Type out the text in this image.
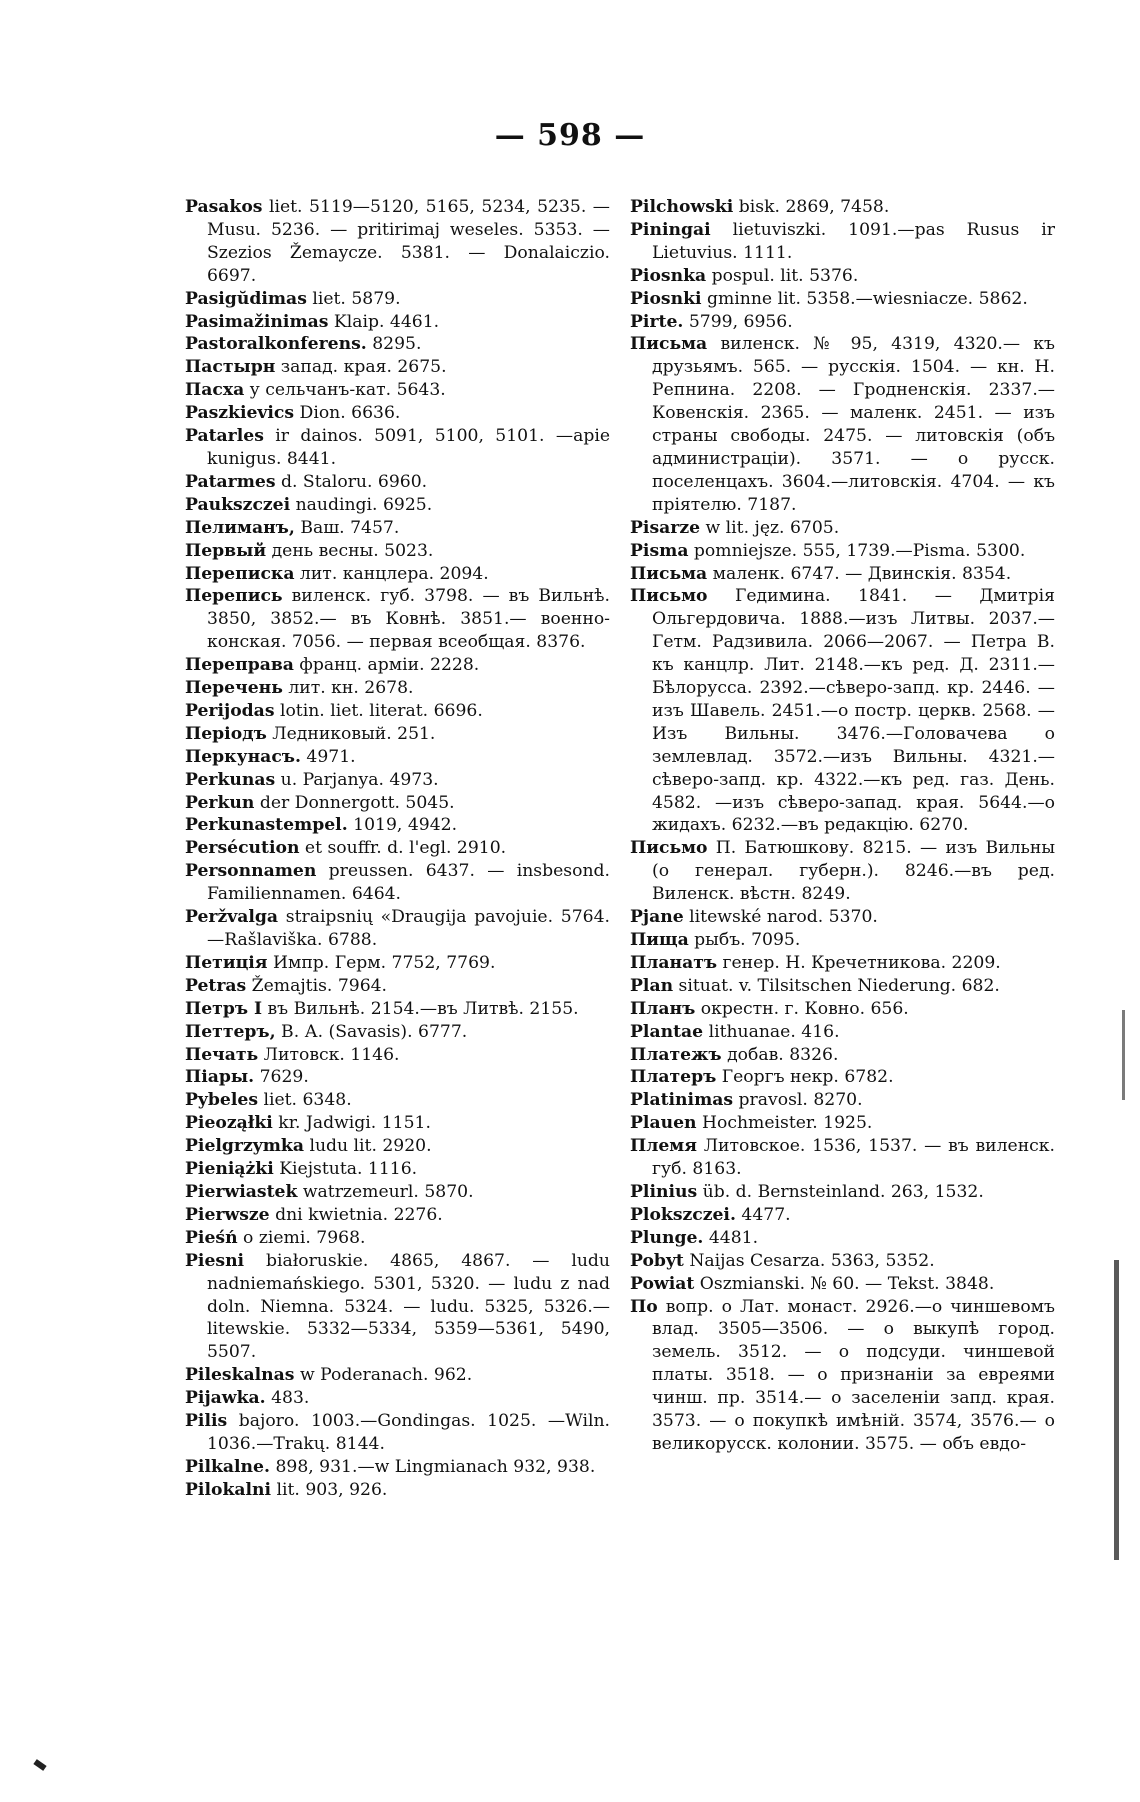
— 598 —
Pasakos liet. 5119—5120, 5165, 5234, 5235. — Musu. 5236. — pritirimaj weseles. 5353. — Szezios Žemaycze. 5381. — Donalaiczio. 6697.
Pasigŭdimas liet. 5879.
Pasimažinimas Klaip. 4461.
Pastoralkonferens. 8295.
Пастырн запад. края. 2675.
Пасха у сельчанъ-кат. 5643.
Paszkievics Dion. 6636.
Patarles ir dainos. 5091, 5100, 5101. —apie kunigus. 8441.
Patarmes d. Staloru. 6960.
Paukszczei naudingi. 6925.
Пелиманъ, Ваш. 7457.
Первый день весны. 5023.
Переписка лит. канцлера. 2094.
Перепись виленск. губ. 3798. — въ Вильнѣ. 3850, 3852.— въ Ковнѣ. 3851.— военно-конская. 7056. — первая всеобщая. 8376.
Переправа франц. арміи. 2228.
Перечень лит. кн. 2678.
Perijodas lotin. liet. literat. 6696.
Періодъ Ледниковый. 251.
Перкунасъ. 4971.
Perkunas u. Parjanya. 4973.
Perkun der Donnergott. 5045.
Perkunastempel. 1019, 4942.
Persécution et souffr. d. l'egl. 2910.
Personnamen preussen. 6437. — insbesond. Familiennamen. 6464.
Peržvalga straipsnių «Draugija pavojuie. 5764.—Rašlaviška. 6788.
Петиція Импр. Герм. 7752, 7769.
Petras Žemajtis. 7964.
Петръ I въ Вильнѣ. 2154.—въ Литвѣ. 2155.
Петтеръ, В. А. (Savasis). 6777.
Печать Литовск. 1146.
Піары. 7629.
Pybeles liet. 6348.
Pieoząłki kr. Jadwigi. 1151.
Pielgrzymka ludu lit. 2920.
Pieniążki Kiejstuta. 1116.
Pierwiastek watrzemeurl. 5870.
Pierwsze dni kwietnia. 2276.
Pieśń o ziemi. 7968.
Piesni białoruskie. 4865, 4867. — ludu nadniemańskiego. 5301, 5320. — ludu z nad doln. Niemna. 5324. — ludu. 5325, 5326.—litewskie. 5332—5334, 5359—5361, 5490, 5507.
Pileskalnas w Poderanach. 962.
Pijawka. 483.
Pilis bajoro. 1003.—Gondingas. 1025. —Wiln. 1036.—Trakų. 8144.
Pilkalne. 898, 931.—w Lingmianach 932, 938.
Pilokalni lit. 903, 926.
Pilchowski bisk. 2869, 7458.
Piningai lietuviszki. 1091.—pas Rusus ir Lietuvius. 1111.
Piosnka pospul. lit. 5376.
Piosnki gminne lit. 5358.—wiesniacze. 5862.
Pirte. 5799, 6956.
Письма виленск. № 95, 4319, 4320.— къ друзьямъ. 565. — русскія. 1504. — кн. Н. Репнина. 2208. — Гродненскія. 2337.—Ковенскія. 2365. — маленк. 2451. — изъ страны свободы. 2475. — литовскія (объ администраціи). 3571. — о русск. поселенцахъ. 3604.—литовскія. 4704. — къ пріятелю. 7187.
Pisarze w lit. jęz. 6705.
Pisma pomniejsze. 555, 1739.—Pisma. 5300.
Письма маленк. 6747. — Двинскія. 8354.
Письмо Гедимина. 1841. — Дмитрія Ольгердовича. 1888.—изъ Литвы. 2037.—Гетм. Радзивила. 2066—2067. — Петра В. къ канцлр. Лит. 2148.—къ ред. Д. 2311.—Бѣлорусса. 2392.—сѣверо-запд. кр. 2446. —изъ Шавель. 2451.—о постр. церкв. 2568. —Изъ Вильны. 3476.—Головачева о землевлад. 3572.—изъ Вильны. 4321.—сѣверо-запд. кр. 4322.—къ ред. газ. День. 4582. —изъ сѣверо-запад. края. 5644.—о жидахъ. 6232.—въ редакцію. 6270.
Письмо П. Батюшкову. 8215. — изъ Вильны (о генерал. губерн.). 8246.—въ ред. Виленск. вѣстн. 8249.
Pjane litewské narod. 5370.
Пища рыбъ. 7095.
Планатъ генер. Н. Кречетникова. 2209.
Plan situat. v. Tilsitschen Niederung. 682.
Планъ окрестн. г. Ковно. 656.
Plantae lithuanae. 416.
Платежъ добав. 8326.
Платеръ Георгъ некр. 6782.
Platinimas pravosl. 8270.
Plauen Hochmeister. 1925.
Племя Литовское. 1536, 1537. — въ виленск. губ. 8163.
Plinius üb. d. Bernsteinland. 263, 1532.
Plokszczei. 4477.
Plunge. 4481.
Pobyt Naijas Cesarza. 5363, 5352.
Powiat Oszmianski. № 60. — Tekst. 3848.
По вопр. о Лат. монаст. 2926.—о чиншевомъ влад. 3505—3506. — о выкупѣ город. земель. 3512. — о подсуди. чиншевой платы. 3518. — о признаніи за евреями чинш. пр. 3514.— о заселеніи запд. края. 3573. — о покупкѣ имѣній. 3574, 3576.— о великорусск. колонии. 3575. — объ евдо-
